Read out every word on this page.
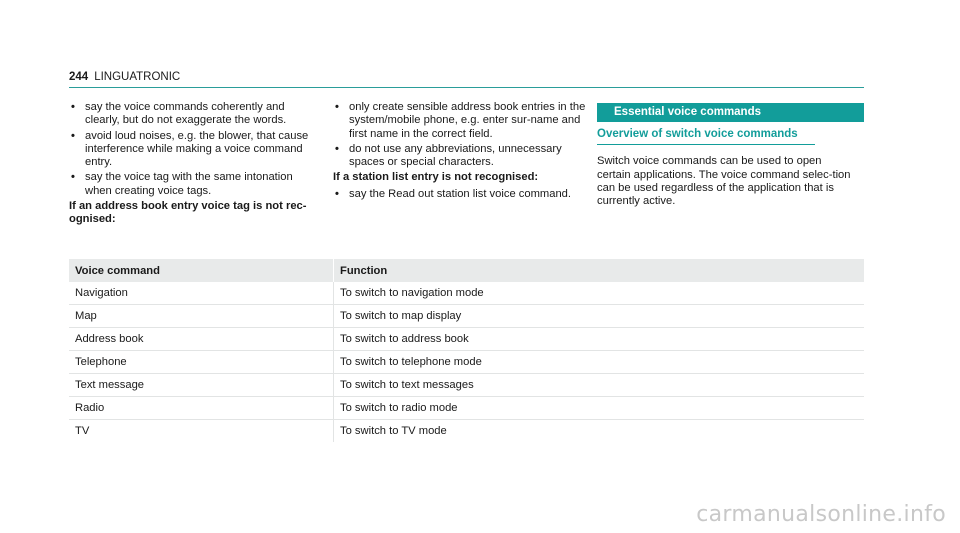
244 LINGUATRONIC
• say the voice commands coherently and clearly, but do not exaggerate the words.
• avoid loud noises, e.g. the blower, that cause interference while making a voice command entry.
• say the voice tag with the same intonation when creating voice tags.
If an address book entry voice tag is not rec-ognised:
• only create sensible address book entries in the system/mobile phone, e.g. enter sur-name and first name in the correct field.
• do not use any abbreviations, unnecessary spaces or special characters.
If a station list entry is not recognised:
• say the Read out station list voice command.
Essential voice commands
Overview of switch voice commands
Switch voice commands can be used to open certain applications. The voice command selec-tion can be used regardless of the application that is currently active.
Voice command	Function
Navigation	To switch to navigation mode
Map	To switch to map display
Address book	To switch to address book
Telephone	To switch to telephone mode
Text message	To switch to text messages
Radio	To switch to radio mode
TV	To switch to TV mode
carmanualsonline.info
